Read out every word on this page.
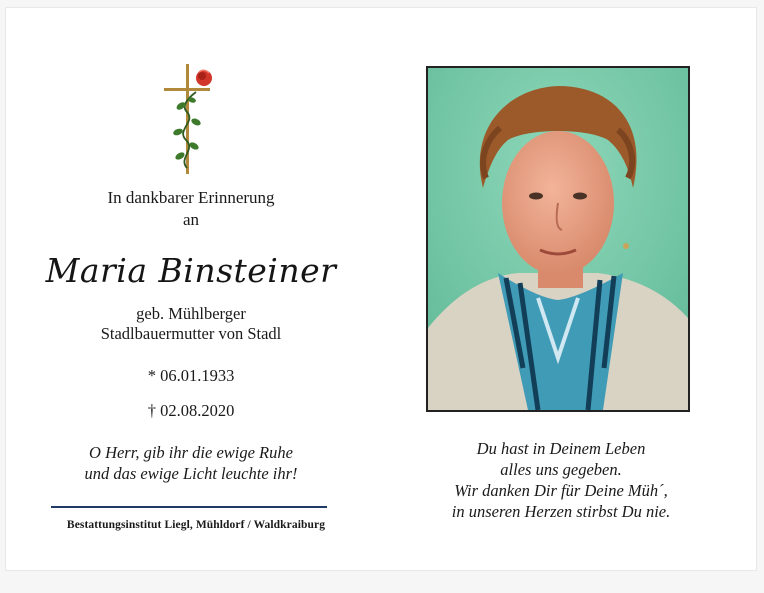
In dankbarer Erinnerung
an
Maria Binsteiner
geb. Mühlberger
Stadlbauermutter von Stadl
* 06.01.1933
† 02.08.2020
O Herr, gib ihr die ewige Ruhe
und das ewige Licht leuchte ihr!
Bestattungsinstitut Liegl, Mühldorf / Waldkraiburg
Du hast in Deinem Leben
alles uns gegeben.
Wir danken Dir für Deine Müh´,
in unseren Herzen stirbst Du nie.
